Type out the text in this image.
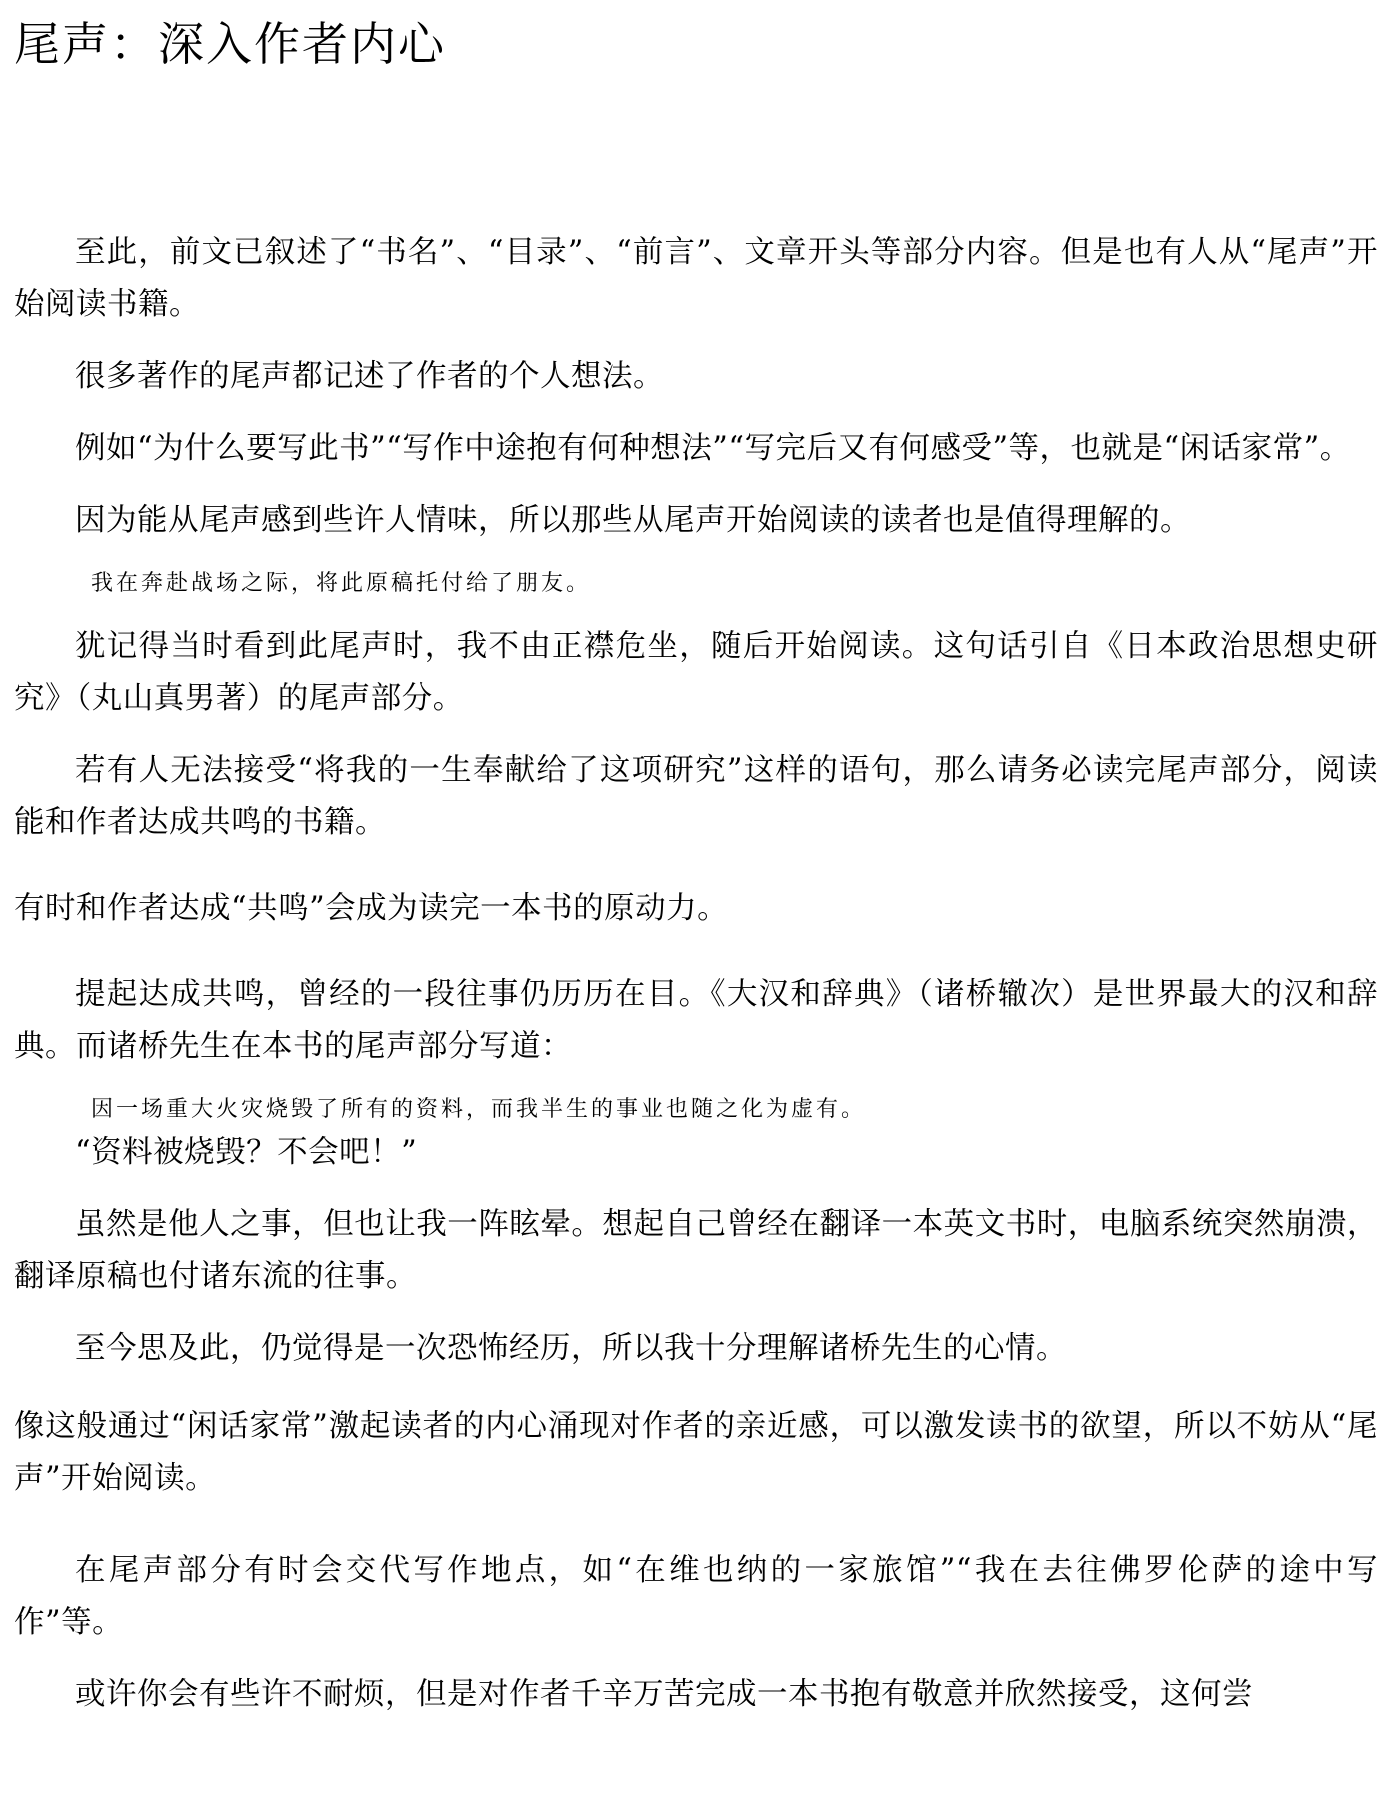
尾声：深入作者内心

至此，前文已叙述了“书名”、“目录”、“前言”、文章开头等部分内容。但是也有人从“尾声”开始阅读书籍。

很多著作的尾声都记述了作者的个人想法。

例如“为什么要写此书”“写作中途抱有何种想法”“写完后又有何感受”等，也就是“闲话家常”。

因为能从尾声感到些许人情味，所以那些从尾声开始阅读的读者也是值得理解的。

我在奔赴战场之际，将此原稿托付给了朋友。

犹记得当时看到此尾声时，我不由正襟危坐，随后开始阅读。这句话引自《日本政治思想史研究》（丸山真男著）的尾声部分。

若有人无法接受“将我的一生奉献给了这项研究”这样的语句，那么请务必读完尾声部分，阅读能和作者达成共鸣的书籍。

有时和作者达成“共鸣”会成为读完一本书的原动力。

提起达成共鸣，曾经的一段往事仍历历在目。《大汉和辞典》（诸桥辙次）是世界最大的汉和辞典。而诸桥先生在本书的尾声部分写道：

因一场重大火灾烧毁了所有的资料，而我半生的事业也随之化为虚有。

“资料被烧毁？不会吧！”

虽然是他人之事，但也让我一阵眩晕。想起自己曾经在翻译一本英文书时，电脑系统突然崩溃，翻译原稿也付诸东流的往事。

至今思及此，仍觉得是一次恐怖经历，所以我十分理解诸桥先生的心情。

像这般通过“闲话家常”激起读者的内心涌现对作者的亲近感，可以激发读书的欲望，所以不妨从“尾声”开始阅读。

在尾声部分有时会交代写作地点，如“在维也纳的一家旅馆”“我在去往佛罗伦萨的途中写作”等。

或许你会有些许不耐烦，但是对作者千辛万苦完成一本书抱有敬意并欣然接受，这何尝
